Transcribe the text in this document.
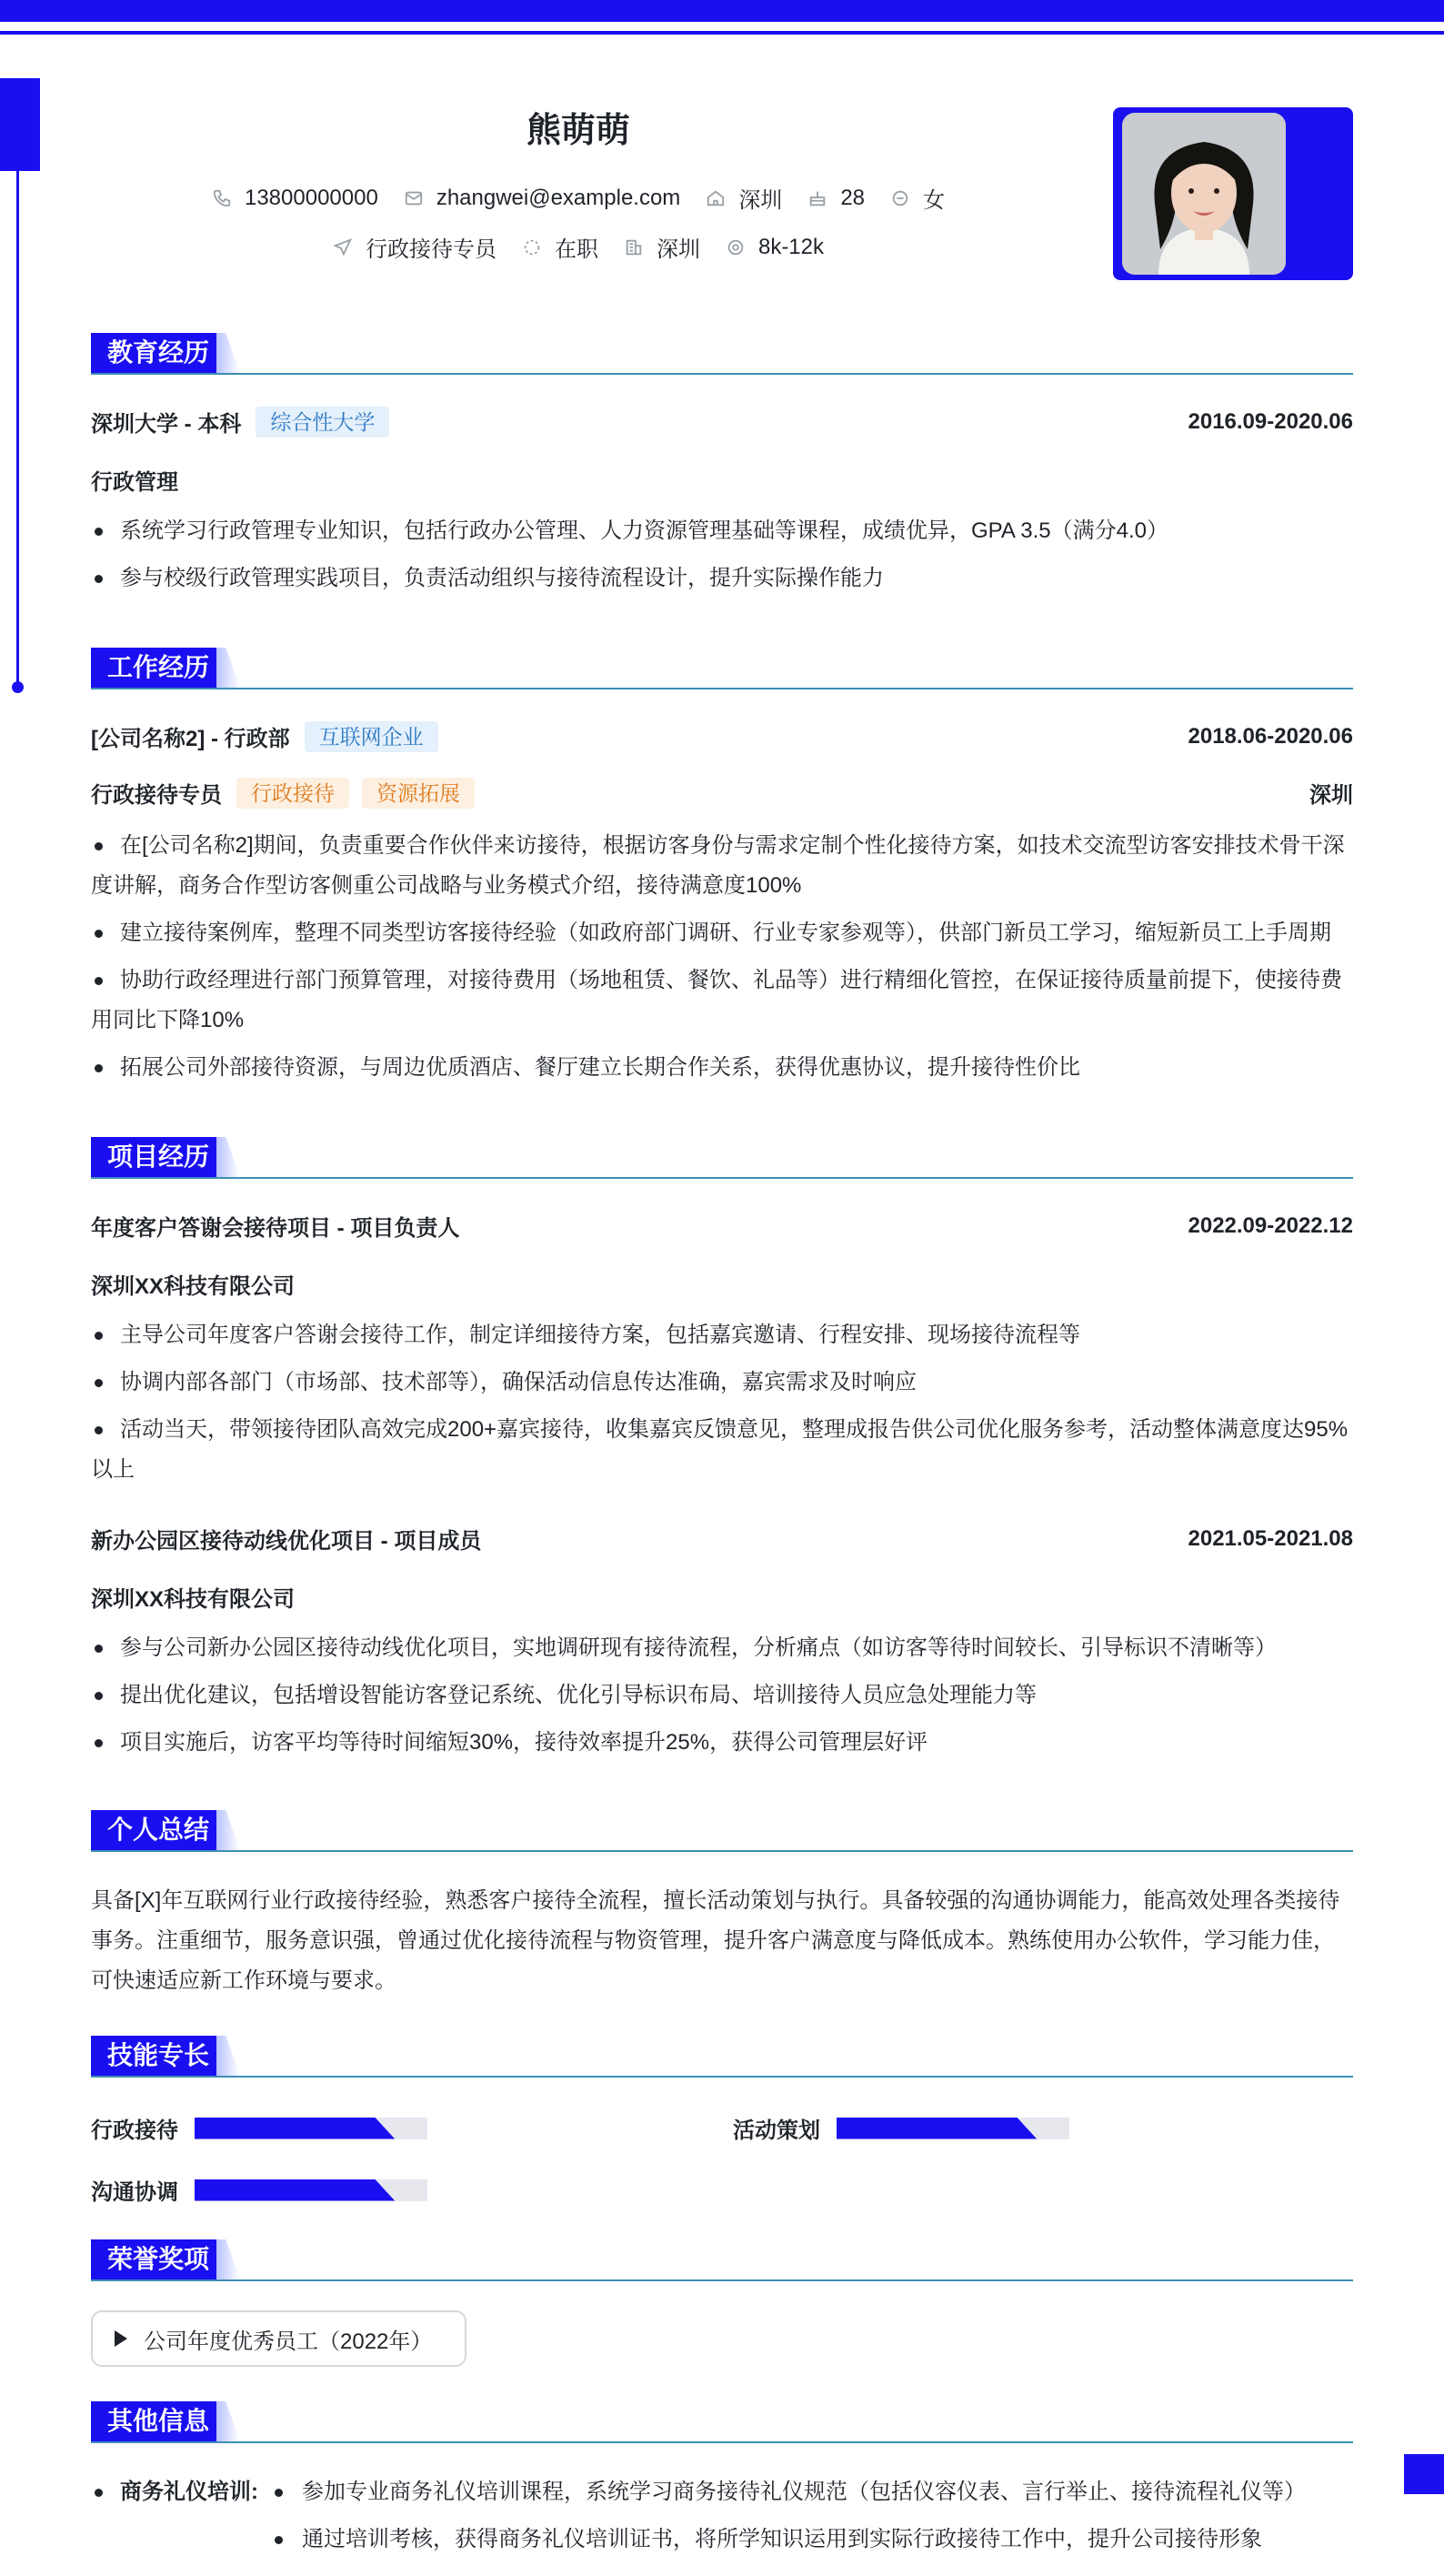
熊萌萌
13800000000	zhangwei@example.com	深圳	28	女
行政接待专员	在职	深圳	8k-12k
教育经历
深圳大学 - 本科	综合性大学	2016.09-2020.06
行政管理
系统学习行政管理专业知识，包括行政办公管理、人力资源管理基础等课程，成绩优异，GPA 3.5（满分4.0）
参与校级行政管理实践项目，负责活动组织与接待流程设计，提升实际操作能力
工作经历
[公司名称2] - 行政部	互联网企业	2018.06-2020.06
行政接待专员	行政接待	资源拓展	深圳
在[公司名称2]期间，负责重要合作伙伴来访接待，根据访客身份与需求定制个性化接待方案，如技术交流型访客安排技术骨干深度讲解，商务合作型访客侧重公司战略与业务模式介绍，接待满意度100%
建立接待案例库，整理不同类型访客接待经验（如政府部门调研、行业专家参观等），供部门新员工学习，缩短新员工上手周期
协助行政经理进行部门预算管理，对接待费用（场地租赁、餐饮、礼品等）进行精细化管控，在保证接待质量前提下，使接待费用同比下降10%
拓展公司外部接待资源，与周边优质酒店、餐厅建立长期合作关系，获得优惠协议，提升接待性价比
项目经历
年度客户答谢会接待项目 - 项目负责人	2022.09-2022.12
深圳XX科技有限公司
主导公司年度客户答谢会接待工作，制定详细接待方案，包括嘉宾邀请、行程安排、现场接待流程等
协调内部各部门（市场部、技术部等），确保活动信息传达准确，嘉宾需求及时响应
活动当天，带领接待团队高效完成200+嘉宾接待，收集嘉宾反馈意见，整理成报告供公司优化服务参考，活动整体满意度达95%以上
新办公园区接待动线优化项目 - 项目成员	2021.05-2021.08
深圳XX科技有限公司
参与公司新办公园区接待动线优化项目，实地调研现有接待流程，分析痛点（如访客等待时间较长、引导标识不清晰等）
提出优化建议，包括增设智能访客登记系统、优化引导标识布局、培训接待人员应急处理能力等
项目实施后，访客平均等待时间缩短30%，接待效率提升25%，获得公司管理层好评
个人总结
具备[X]年互联网行业行政接待经验，熟悉客户接待全流程，擅长活动策划与执行。具备较强的沟通协调能力，能高效处理各类接待事务。注重细节，服务意识强，曾通过优化接待流程与物资管理，提升客户满意度与降低成本。熟练使用办公软件，学习能力佳，可快速适应新工作环境与要求。
技能专长
行政接待	活动策划
沟通协调
荣誉奖项
公司年度优秀员工（2022年）
其他信息
商务礼仪培训:	参加专业商务礼仪培训课程，系统学习商务接待礼仪规范（包括仪容仪表、言行举止、接待流程礼仪等）
通过培训考核，获得商务礼仪培训证书，将所学知识运用到实际行政接待工作中，提升公司接待形象
